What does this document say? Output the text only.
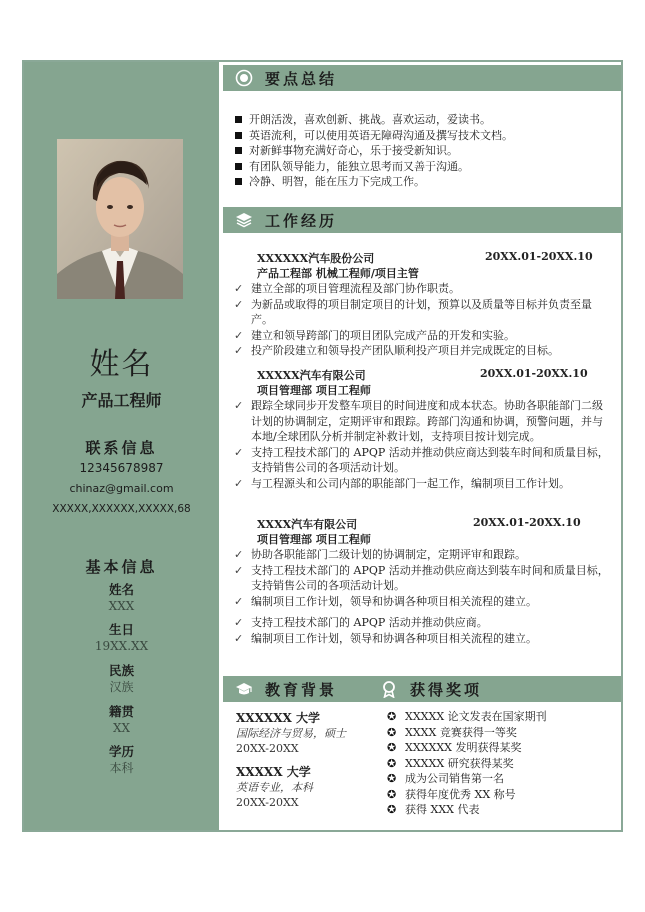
姓名
产品工程师
联系信息
12345678987
chinaz@gmail.com
XXXXX,XXXXXX,XXXXX,68
基本信息
姓名
XXX
生日
19XX.XX
民族
汉族
籍贯
XX
学历
本科
要点总结
开朗活泼，喜欢创新、挑战。喜欢运动，爱读书。
英语流利，可以使用英语无障碍沟通及撰写技术文档。
对新鲜事物充满好奇心，乐于接受新知识。
有团队领导能力，能独立思考而又善于沟通。
冷静、明智，能在压力下完成工作。
工作经历
XXXXXX汽车股份公司	20XX.01-20XX.10
产品工程部 机械工程师/项目主管
✓ 建立全部的项目管理流程及部门协作职责。
✓ 为新品或取得的项目制定项目的计划，预算以及质量等目标并负责至量产。
✓ 建立和领导跨部门的项目团队完成产品的开发和实验。
✓ 投产阶段建立和领导投产团队顺利投产项目并完成既定的目标。
XXXXX汽车有限公司	20XX.01-20XX.10
项目管理部 项目工程师
✓ 跟踪全球同步开发整车项目的时间进度和成本状态。协助各职能部门二级计划的协调制定，定期评审和跟踪。跨部门沟通和协调，预警问题，并与本地/全球团队分析并制定补救计划，支持项目按计划完成。
✓ 支持工程技术部门的 APQP 活动并推动供应商达到装车时间和质量目标，支持销售公司的各项活动计划。
✓ 与工程源头和公司内部的职能部门一起工作，编制项目工作计划。
XXXX汽车有限公司	20XX.01-20XX.10
项目管理部 项目工程师
✓ 协助各职能部门二级计划的协调制定，定期评审和跟踪。
✓ 支持工程技术部门的 APQP 活动并推动供应商达到装车时间和质量目标，支持销售公司的各项活动计划。
✓ 编制项目工作计划，领导和协调各种项目相关流程的建立。
✓ 支持工程技术部门的 APQP 活动并推动供应商。
✓ 编制项目工作计划，领导和协调各种项目相关流程的建立。
教育背景
XXXXXX 大学
国际经济与贸易，硕士
20XX-20XX
XXXXX 大学
英语专业，本科
20XX-20XX
获得奖项
✪ XXXXX 论文发表在国家期刊
✪ XXXX 竞赛获得一等奖
✪ XXXXXX 发明获得某奖
✪ XXXXX 研究获得某奖
✪ 成为公司销售第一名
✪ 获得年度优秀 XX 称号
✪ 获得 XXX 代表
